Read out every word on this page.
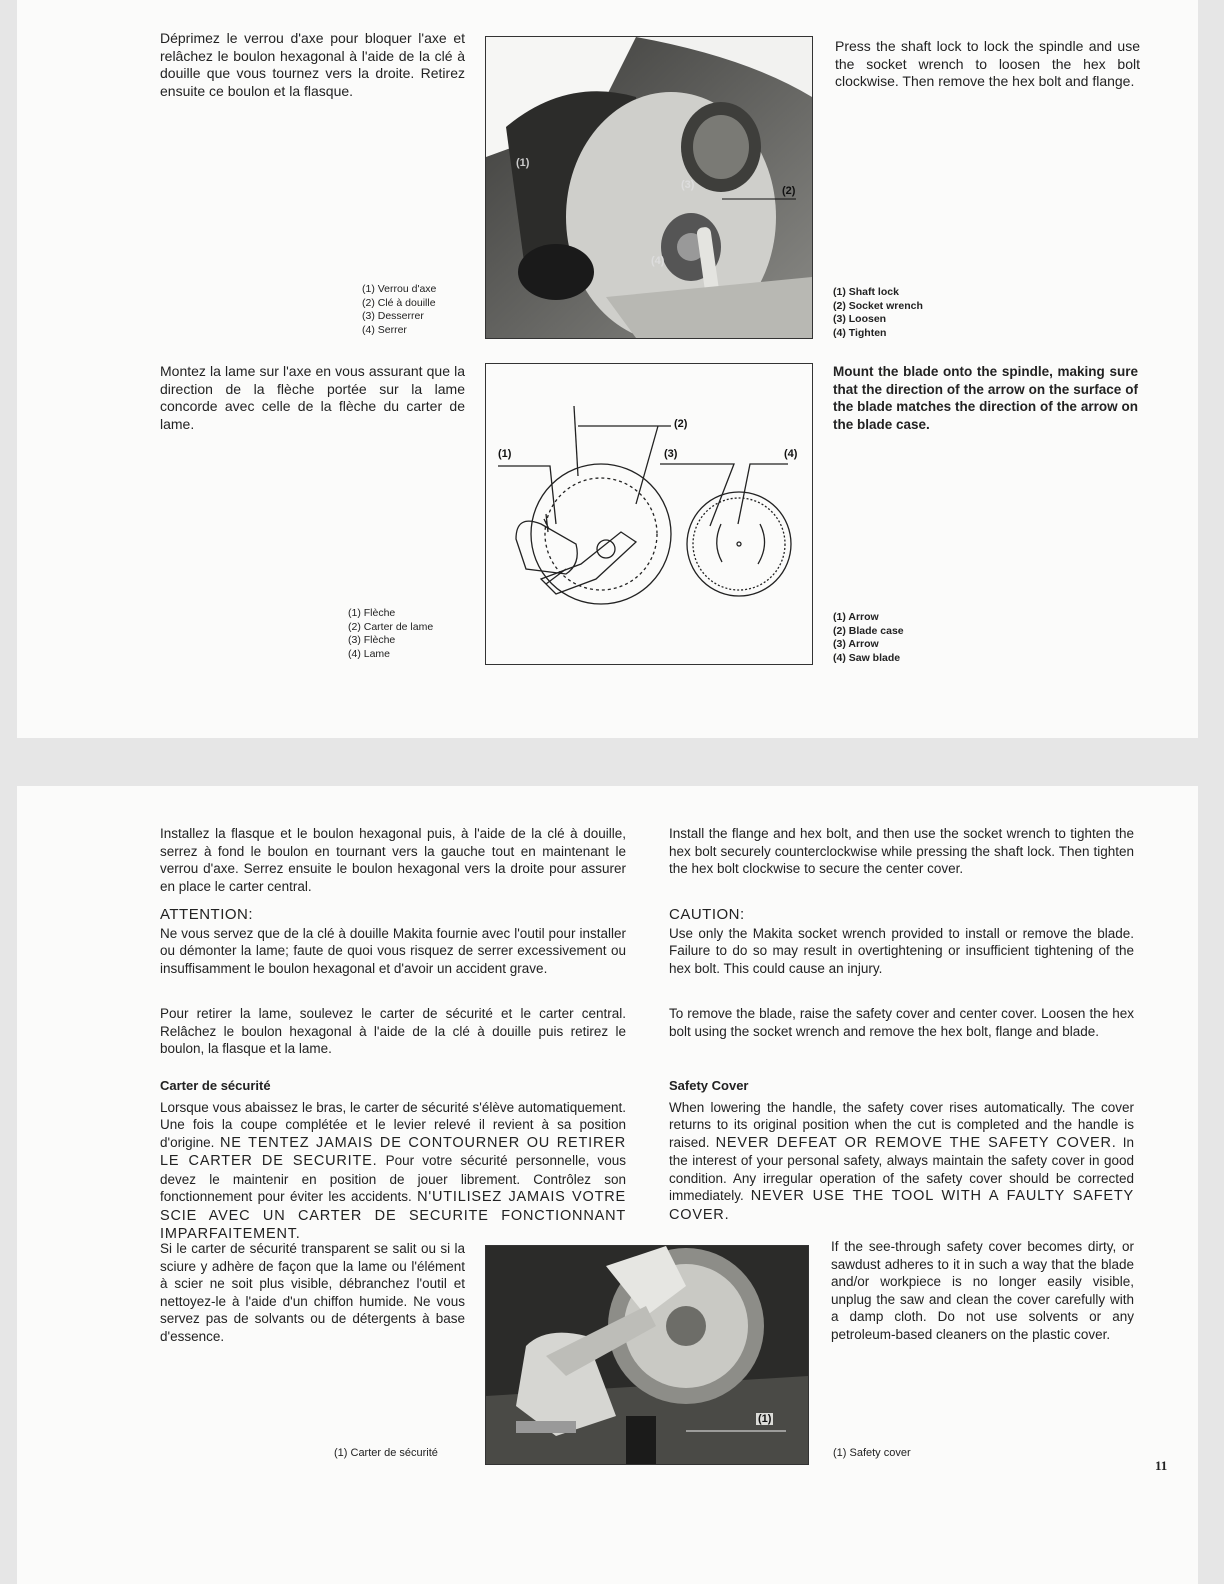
Déprimez le verrou d'axe pour bloquer l'axe et relâchez le boulon hexagonal à l'aide de la clé à douille que vous tournez vers la droite. Retirez ensuite ce boulon et la flasque.

Press the shaft lock to lock the spindle and use the socket wrench to loosen the hex bolt clockwise. Then remove the hex bolt and flange.

(1)
(2)
(3)
(4)
(1) Verrou d'axe
(2) Clé à douille
(3) Desserrer
(4) Serrer
(1) Shaft lock
(2) Socket wrench
(3) Loosen
(4) Tighten

Montez la lame sur l'axe en vous assurant que la direction de la flèche portée sur la lame concorde avec celle de la flèche du carter de lame.

Mount the blade onto the spindle, making sure that the direction of the arrow on the surface of the blade matches the direction of the arrow on the blade case.

(1)
(2)
(3)	(4)
(1) Flèche
(2) Carter de lame
(3) Flèche
(4) Lame
(1) Arrow
(2) Blade case
(3) Arrow
(4) Saw blade

Installez la flasque et le boulon hexagonal puis, à l'aide de la clé à douille, serrez à fond le boulon en tournant vers la gauche tout en maintenant le verrou d'axe. Serrez ensuite le boulon hexagonal vers la droite pour assurer en place le carter central.

Install the flange and hex bolt, and then use the socket wrench to tighten the hex bolt securely counterclockwise while pressing the shaft lock. Then tighten the hex bolt clockwise to secure the center cover.

ATTENTION:

Ne vous servez que de la clé à douille Makita fournie avec l'outil pour installer ou démonter la lame; faute de quoi vous risquez de serrer excessivement ou insuffisamment le boulon hexagonal et d'avoir un accident grave.

CAUTION:

Use only the Makita socket wrench provided to install or remove the blade. Failure to do so may result in overtightening or insufficient tightening of the hex bolt. This could cause an injury.

Pour retirer la lame, soulevez le carter de sécurité et le carter central. Relâchez le boulon hexagonal à l'aide de la clé à douille puis retirez le boulon, la flasque et la lame.

To remove the blade, raise the safety cover and center cover. Loosen the hex bolt using the socket wrench and remove the hex bolt, flange and blade.

Carter de sécurité
Lorsque vous abaissez le bras, le carter de sécurité s'élève automatiquement. Une fois la coupe complétée et le levier relevé il revient à sa position d'origine. NE TENTEZ JAMAIS DE CONTOURNER OU RETIRER LE CARTER DE SECURITE. Pour votre sécurité personnelle, vous devez le maintenir en position de jouer librement. Contrôlez son fonctionnement pour éviter les accidents. N'UTILISEZ JAMAIS VOTRE SCIE AVEC UN CARTER DE SECURITE FONCTIONNANT IMPARFAITEMENT.

Si le carter de sécurité transparent se salit ou si la sciure y adhère de façon que la lame ou l'élément à scier ne soit plus visible, débranchez l'outil et nettoyez-le à l'aide d'un chiffon humide. Ne vous servez pas de solvants ou de détergents à base d'essence.

Safety Cover
When lowering the handle, the safety cover rises automatically. The cover returns to its original position when the cut is completed and the handle is raised. NEVER DEFEAT OR REMOVE THE SAFETY COVER. In the interest of your personal safety, always maintain the safety cover in good condition. Any irregular operation of the safety cover should be corrected immediately. NEVER USE THE TOOL WITH A FAULTY SAFETY COVER.

If the see-through safety cover becomes dirty, or sawdust adheres to it in such a way that the blade and/or workpiece is no longer easily visible, unplug the saw and clean the cover carefully with a damp cloth. Do not use solvents or any petroleum-based cleaners on the plastic cover.

(1)
(1) Carter de sécurité	(1) Safety cover
11
